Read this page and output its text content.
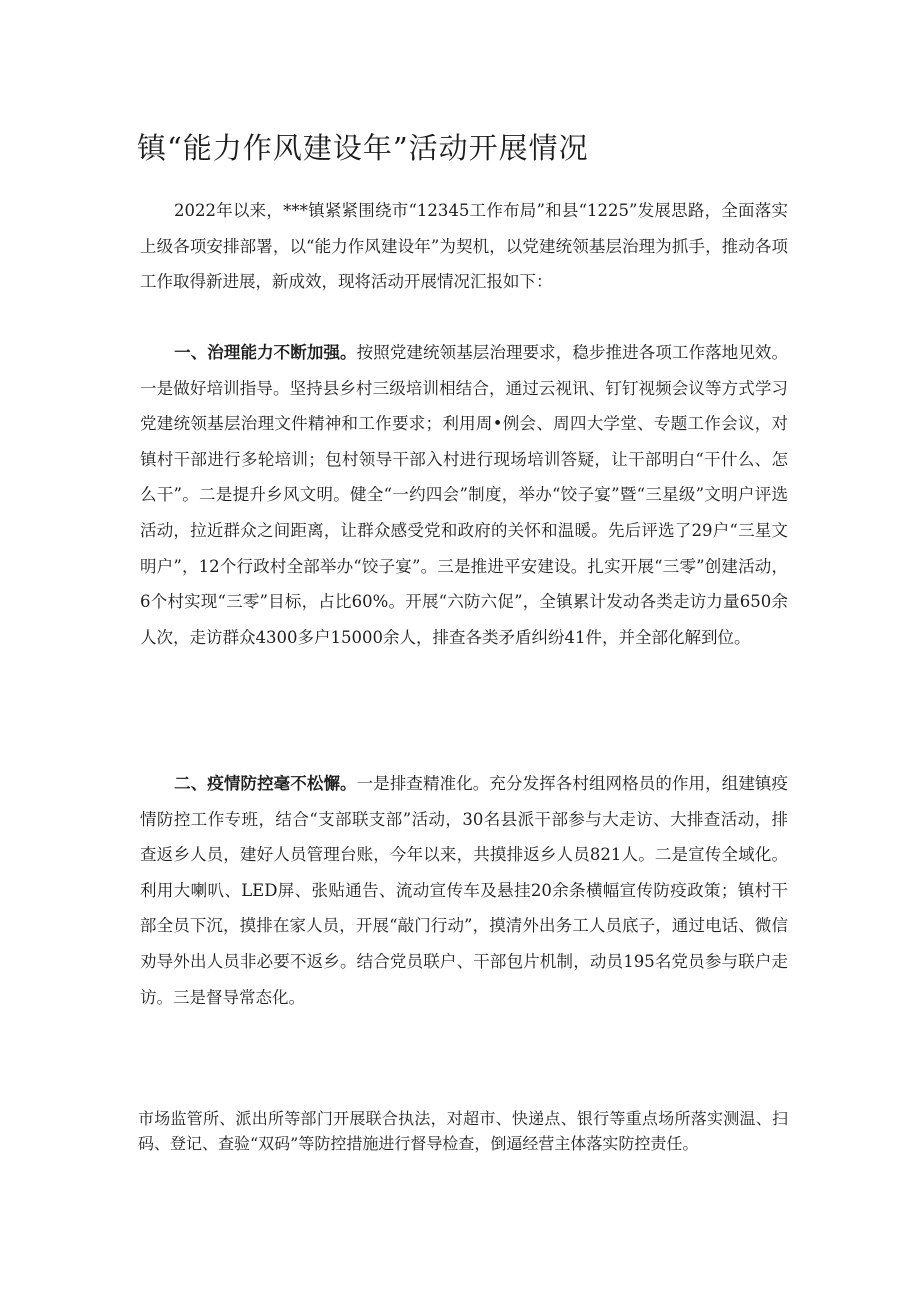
镇“能力作风建设年”活动开展情况
2022年以来，***镇紧紧围绕市“12345工作布局”和县“1225”发展思路，全面落实上级各项安排部署，以“能力作风建设年”为契机，以党建统领基层治理为抓手，推动各项工作取得新进展，新成效，现将活动开展情况汇报如下：
一、治理能力不断加强。按照党建统领基层治理要求，稳步推进各项工作落地见效。一是做好培训指导。坚持县乡村三级培训相结合，通过云视讯、钉钉视频会议等方式学习党建统领基层治理文件精神和工作要求；利用周•例会、周四大学堂、专题工作会议，对镇村干部进行多轮培训；包村领导干部入村进行现场培训答疑，让干部明白“干什么、怎么干”。二是提升乡风文明。健全“一约四会”制度，举办“饺子宴”暨“三星级”文明户评选活动，拉近群众之间距离，让群众感受党和政府的关怀和温暖。先后评选了29户“三星文明户”，12个行政村全部举办“饺子宴”。三是推进平安建设。扎实开展“三零”创建活动，6个村实现“三零”目标，占比60%。开展“六防六促”，全镇累计发动各类走访力量650余人次，走访群众4300多户15000余人，排查各类矛盾纠纷41件，并全部化解到位。
二、疫情防控毫不松懈。一是排查精准化。充分发挥各村组网格员的作用，组建镇疫情防控工作专班，结合“支部联支部”活动，30名县派干部参与大走访、大排查活动，排查返乡人员，建好人员管理台账，今年以来，共摸排返乡人员821人。二是宣传全域化。利用大喇叭、LED屏、张贴通告、流动宣传车及悬挂20余条横幅宣传防疫政策；镇村干部全员下沉，摸排在家人员，开展“敲门行动”，摸清外出务工人员底子，通过电话、微信劝导外出人员非必要不返乡。结合党员联户、干部包片机制，动员195名党员参与联户走访。三是督导常态化。
市场监管所、派出所等部门开展联合执法，对超市、快递点、银行等重点场所落实测温、扫码、登记、查验“双码”等防控措施进行督导检查，倒逼经营主体落实防控责任。
